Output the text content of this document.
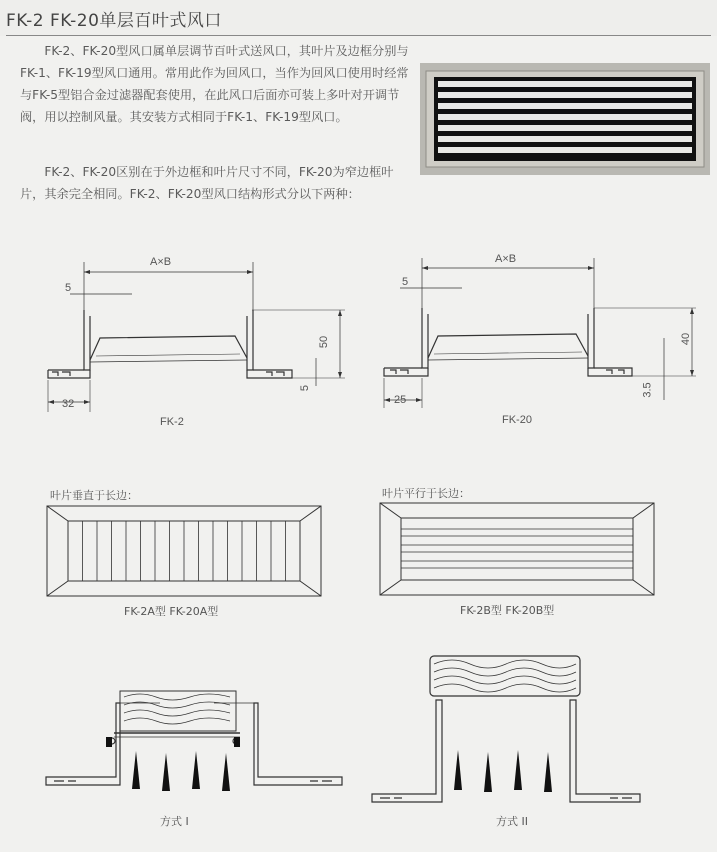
FK-2 FK-20单层百叶式风口
FK-2、FK-20型风口属单层调节百叶式送风口，其叶片及边框分别与FK-1、FK-19型风口通用。常用此作为回风口，当作为回风口使用时经常与FK-5型铝合金过滤器配套使用，在此风口后面亦可装上多叶对开调节阀，用以控制风量。其安装方式相同于FK-1、FK-19型风口。
FK-2、FK-20区别在于外边框和叶片尺寸不同，FK-20为窄边框叶片，其余完全相同。FK-2、FK-20型风口结构形式分以下两种：
A×B
5
50
5
32
FK-2
A×B
5
40
3.5
25
FK-20
叶片垂直于长边：
FK-2A型 FK-20A型
叶片平行于长边：
FK-2B型 FK-20B型
方式 I	方式 II
